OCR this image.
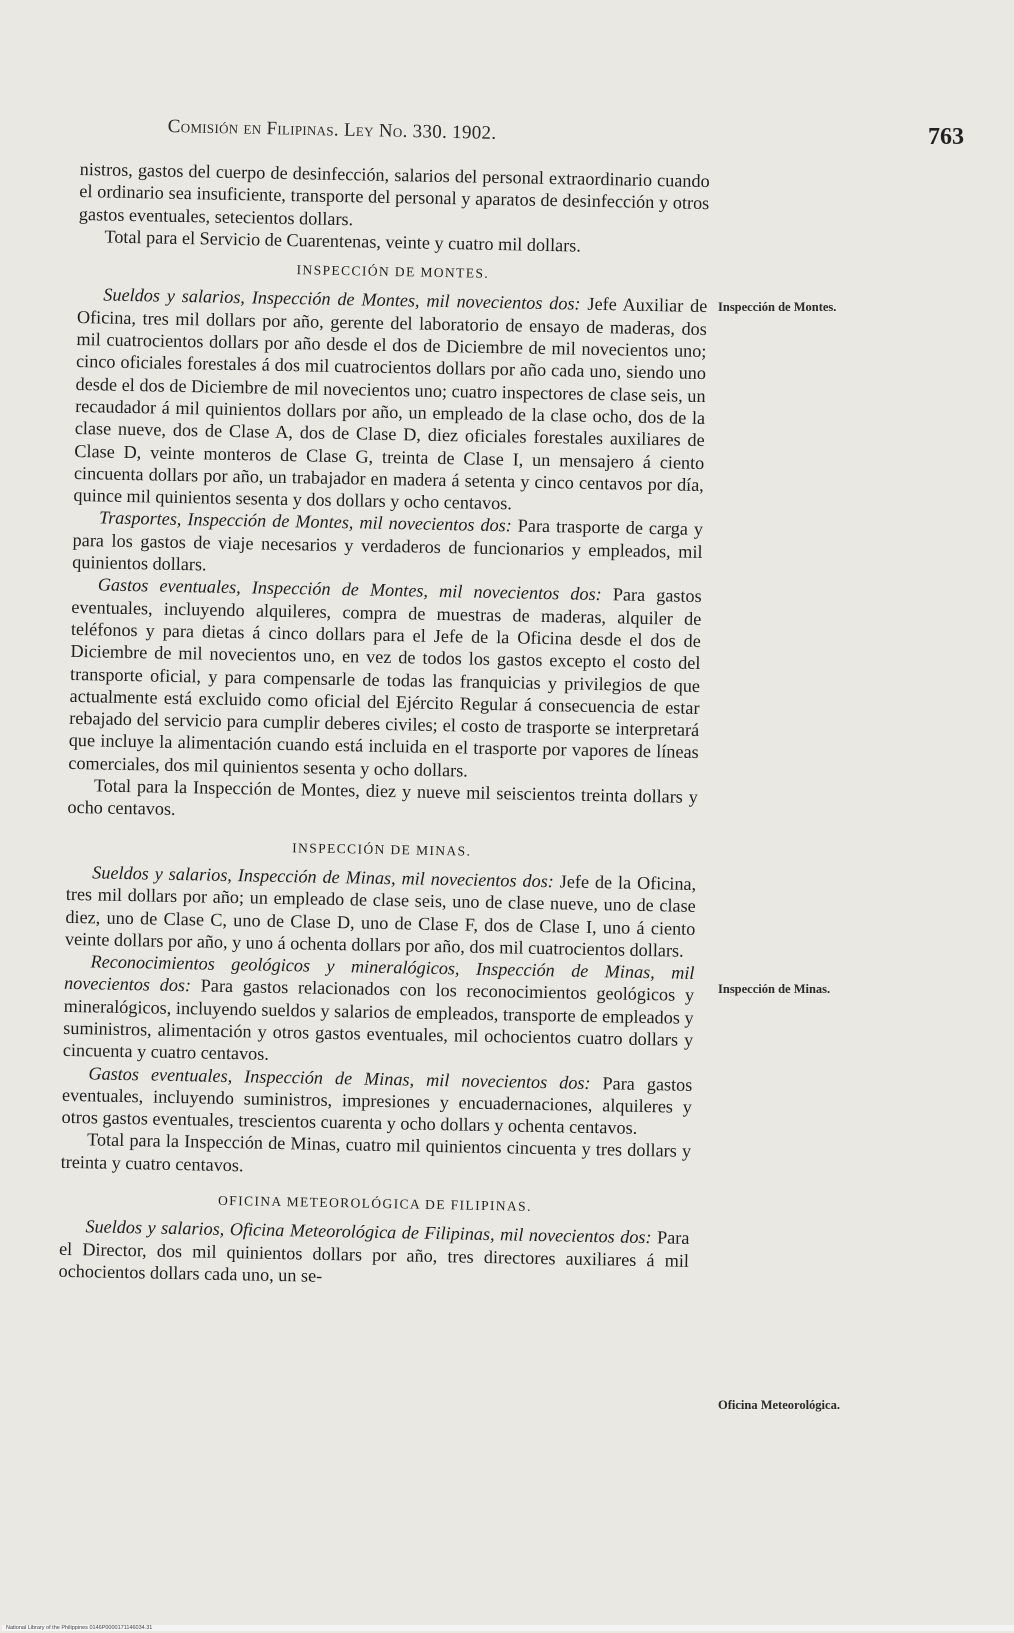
Comisión en Filipinas. Ley No. 330. 1902.	763
Inspección de Montes.
Inspección de Minas.
Oficina Meteorológica.

nistros, gastos del cuerpo de desinfección, salarios del personal extraordinario cuando el ordinario sea insuficiente, transporte del personal y aparatos de desinfección y otros gastos eventuales, setecientos dollars.

Total para el Servicio de Cuarentenas, veinte y cuatro mil dollars.

INSPECCIÓN DE MONTES.

Sueldos y salarios, Inspección de Montes, mil novecientos dos: Jefe Auxiliar de Oficina, tres mil dollars por año, gerente del laboratorio de ensayo de maderas, dos mil cuatrocientos dollars por año desde el dos de Diciembre de mil novecientos uno; cinco oficiales forestales á dos mil cuatrocientos dollars por año cada uno, siendo uno desde el dos de Diciembre de mil novecientos uno; cuatro inspectores de clase seis, un recaudador á mil quinientos dollars por año, un empleado de la clase ocho, dos de la clase nueve, dos de Clase A, dos de Clase D, diez oficiales forestales auxiliares de Clase D, veinte monteros de Clase G, treinta de Clase I, un mensajero á ciento cincuenta dollars por año, un trabajador en madera á setenta y cinco centavos por día, quince mil quinientos sesenta y dos dollars y ocho centavos.

Trasportes, Inspección de Montes, mil novecientos dos: Para trasporte de carga y para los gastos de viaje necesarios y verdaderos de funcionarios y empleados, mil quinientos dollars.

Gastos eventuales, Inspección de Montes, mil novecientos dos: Para gastos eventuales, incluyendo alquileres, compra de muestras de maderas, alquiler de teléfonos y para dietas á cinco dollars para el Jefe de la Oficina desde el dos de Diciembre de mil novecientos uno, en vez de todos los gastos excepto el costo del transporte oficial, y para compensarle de todas las franquicias y privilegios de que actualmente está excluido como oficial del Ejército Regular á consecuencia de estar rebajado del servicio para cumplir deberes civiles; el costo de trasporte se interpretará que incluye la alimentación cuando está incluida en el trasporte por vapores de líneas comerciales, dos mil quinientos sesenta y ocho dollars.

Total para la Inspección de Montes, diez y nueve mil seiscientos treinta dollars y ocho centavos.

INSPECCIÓN DE MINAS.

Sueldos y salarios, Inspección de Minas, mil novecientos dos: Jefe de la Oficina, tres mil dollars por año; un empleado de clase seis, uno de clase nueve, uno de clase diez, uno de Clase C, uno de Clase D, uno de Clase F, dos de Clase I, uno á ciento veinte dollars por año, y uno á ochenta dollars por año, dos mil cuatrocientos dollars.

Reconocimientos geológicos y mineralógicos, Inspección de Minas, mil novecientos dos: Para gastos relacionados con los reconocimientos geológicos y mineralógicos, incluyendo sueldos y salarios de empleados, transporte de empleados y suministros, alimentación y otros gastos eventuales, mil ochocientos cuatro dollars y cincuenta y cuatro centavos.

Gastos eventuales, Inspección de Minas, mil novecientos dos: Para gastos eventuales, incluyendo suministros, impresiones y encuadernaciones, alquileres y otros gastos eventuales, trescientos cuarenta y ocho dollars y ochenta centavos.

Total para la Inspección de Minas, cuatro mil quinientos cincuenta y tres dollars y treinta y cuatro centavos.

OFICINA METEOROLÓGICA DE FILIPINAS.

Sueldos y salarios, Oficina Meteorológica de Filipinas, mil novecientos dos: Para el Director, dos mil quinientos dollars por año, tres directores auxiliares á mil ochocientos dollars cada uno, un se-

National Library of the Philippines 0146P0000171146034.31
